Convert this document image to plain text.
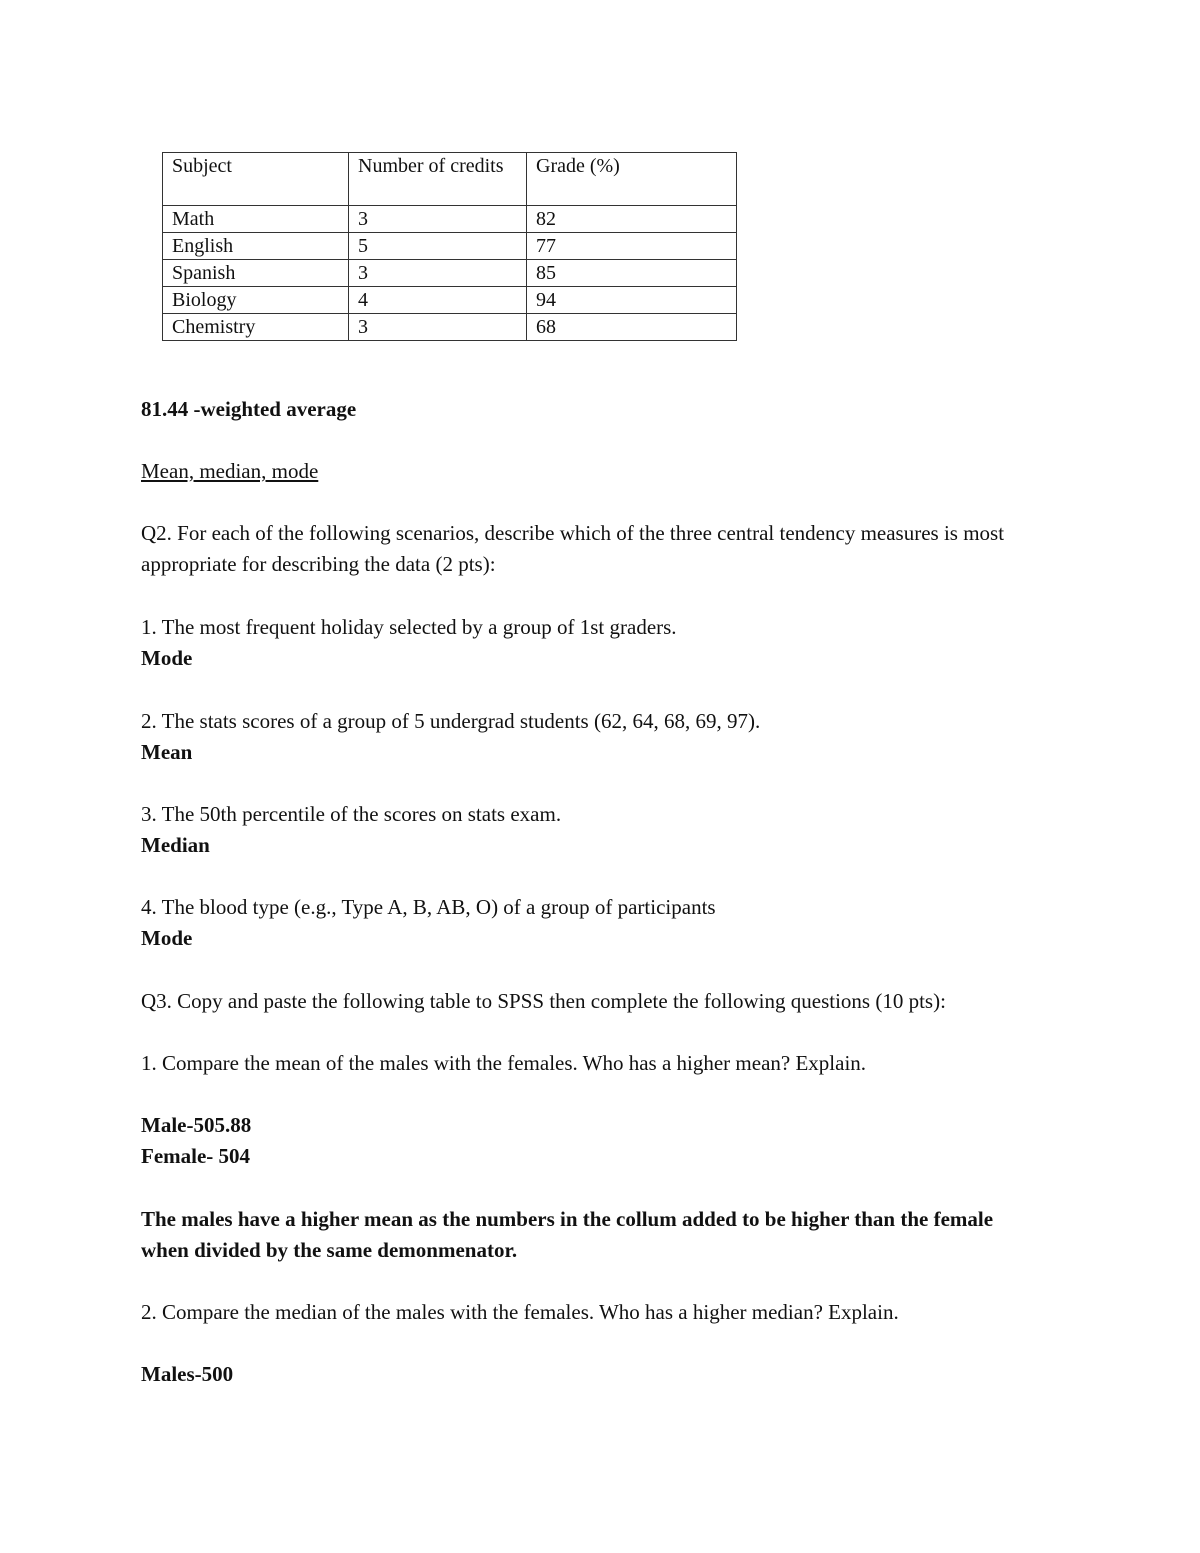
Subject	Number of credits	Grade (%)
Math	3	82
English	5	77
Spanish	3	85
Biology	4	94
Chemistry	3	68
81.44 -weighted average
Mean, median, mode
Q2. For each of the following scenarios, describe which of the three central tendency measures is most appropriate for describing the data (2 pts):
1. The most frequent holiday selected by a group of 1st graders.
Mode
2. The stats scores of a group of 5 undergrad students (62, 64, 68, 69, 97).
Mean
3. The 50th percentile of the scores on stats exam.
Median
4. The blood type (e.g., Type A, B, AB, O) of a group of participants
Mode
Q3. Copy and paste the following table to SPSS then complete the following questions (10 pts):
1. Compare the mean of the males with the females. Who has a higher mean? Explain.
Male-505.88
Female- 504
The males have a higher mean as the numbers in the collum added to be higher than the female when divided by the same demonmenator.
2. Compare the median of the males with the females. Who has a higher median? Explain.
Males-500
